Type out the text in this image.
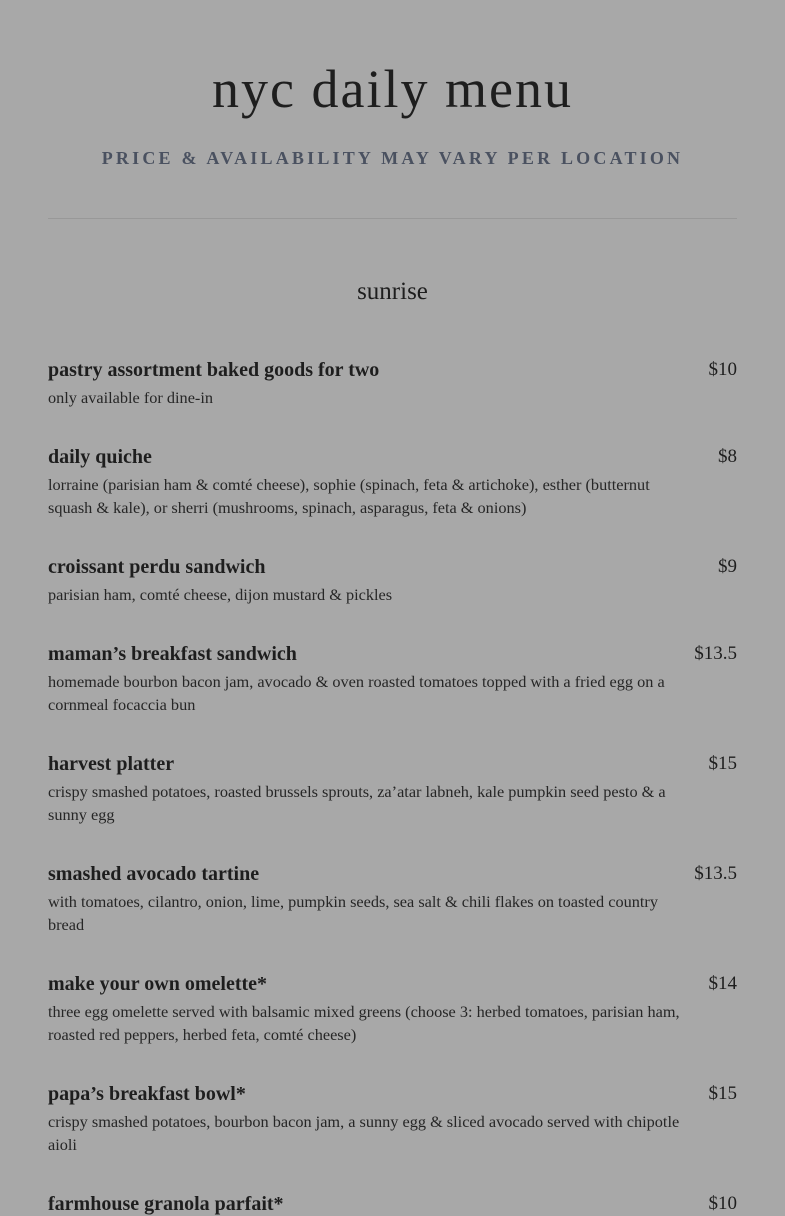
nyc daily menu
PRICE & AVAILABILITY MAY VARY PER LOCATION
sunrise
pastry assortment baked goods for two	$10
only available for dine-in
daily quiche	$8
lorraine (parisian ham & comté cheese), sophie (spinach, feta & artichoke), esther (butternut squash & kale), or sherri (mushrooms, spinach, asparagus, feta & onions)
croissant perdu sandwich	$9
parisian ham, comté cheese, dijon mustard & pickles
maman’s breakfast sandwich	$13.5
homemade bourbon bacon jam, avocado & oven roasted tomatoes topped with a fried egg on a cornmeal focaccia bun
harvest platter	$15
crispy smashed potatoes, roasted brussels sprouts, za’atar labneh, kale pumpkin seed pesto & a sunny egg
smashed avocado tartine	$13.5
with tomatoes, cilantro, onion, lime, pumpkin seeds, sea salt & chili flakes on toasted country bread
make your own omelette*	$14
three egg omelette served with balsamic mixed greens (choose 3: herbed tomatoes, parisian ham, roasted red peppers, herbed feta, comté cheese)
papa’s breakfast bowl*	$15
crispy smashed potatoes, bourbon bacon jam, a sunny egg & sliced avocado served with chipotle aioli
farmhouse granola parfait*	$10
